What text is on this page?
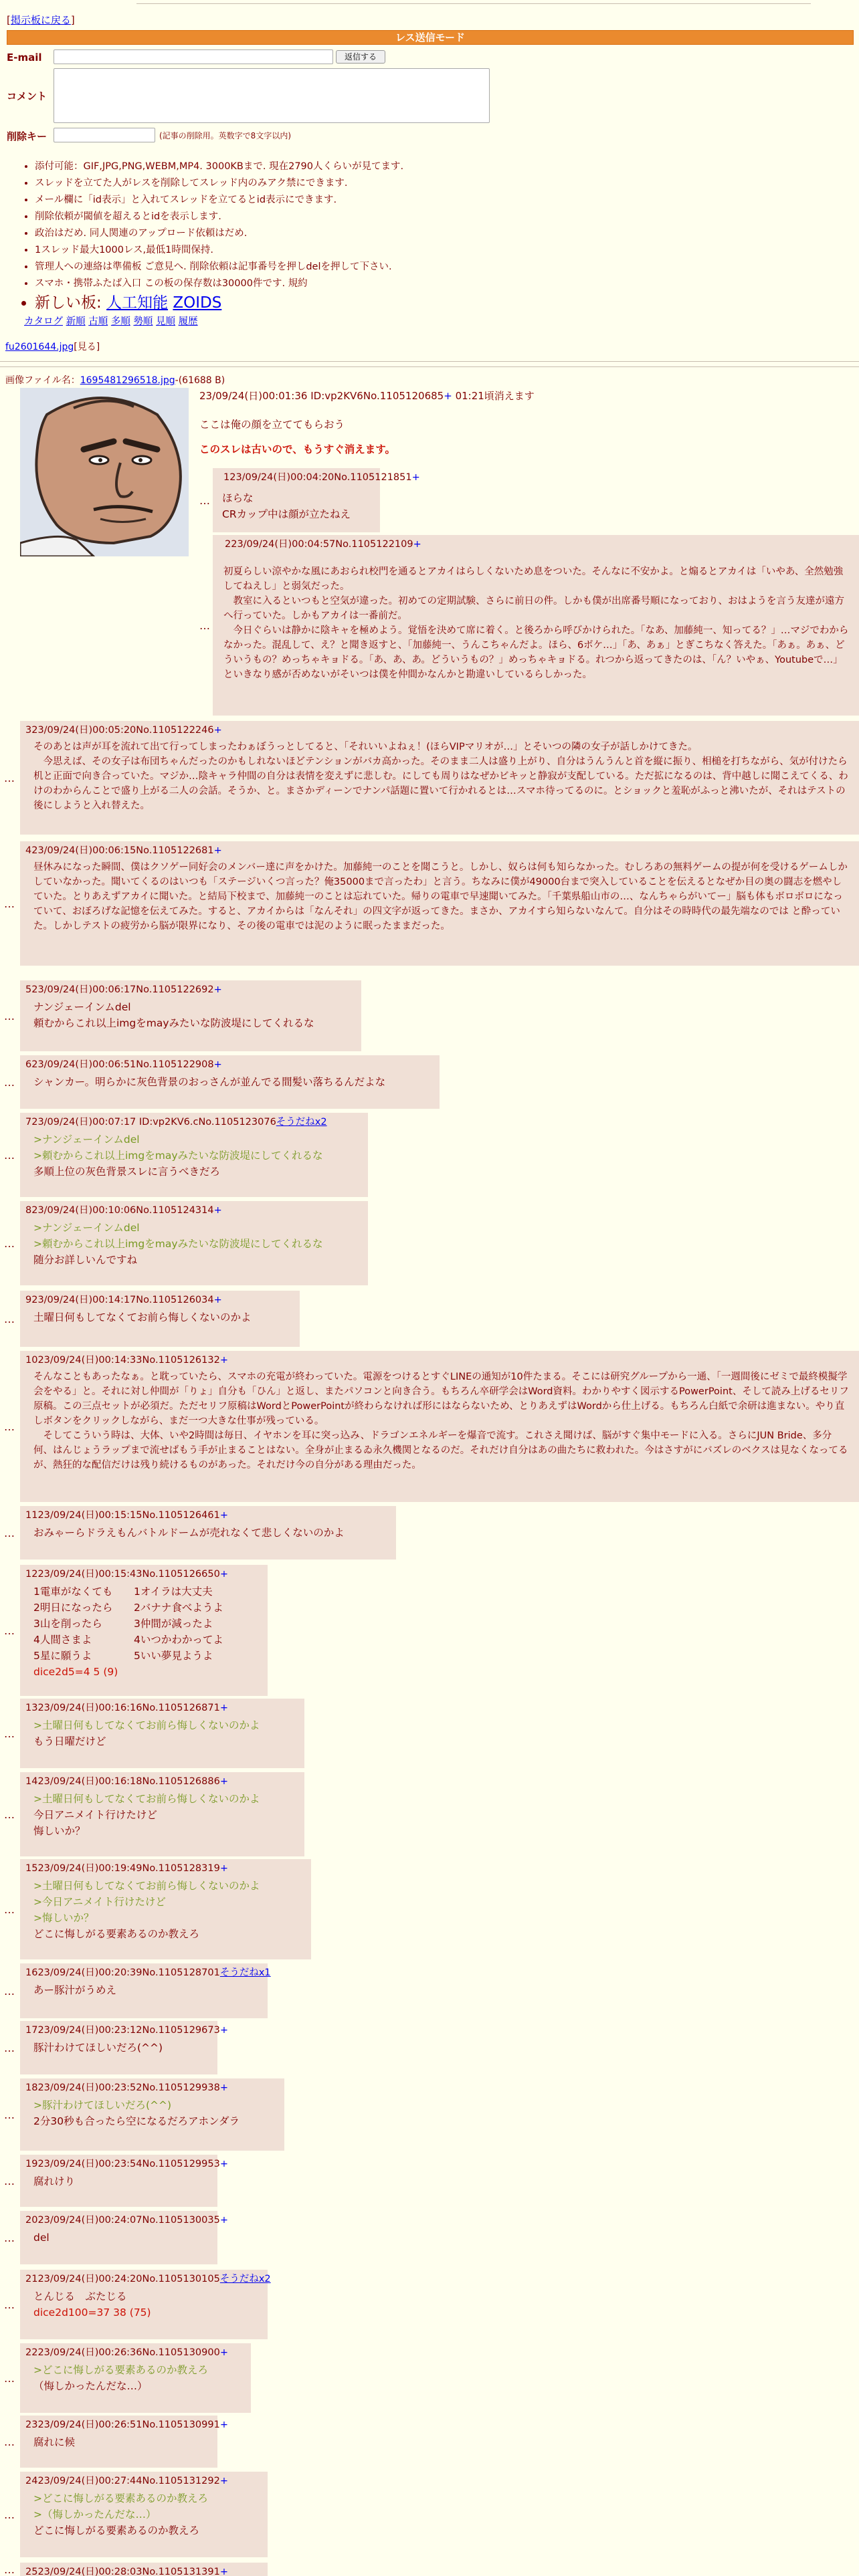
[掲示板に戻る]
レス送信モード
E-mail	返信する
コメント
削除キー	(記事の削除用。英数字で8文字以内)
• 添付可能：GIF,JPG,PNG,WEBM,MP4. 3000KBまで. 現在2790人くらいが見てます.
• スレッドを立てた人がレスを削除してスレッド内のみアク禁にできます.
• メール欄に「id表示」と入れてスレッドを立てるとid表示にできます.
• 削除依頼が閾値を超えるとidを表示します.
• 政治はだめ. 同人関連のアップロード依頼はだめ.
• 1スレッド最大1000レス,最低1時間保持.
• 管理人への連絡は準備板 ご意見へ. 削除依頼は記事番号を押しdelを押して下さい.
• スマホ・携帯ふたば入口 この板の保存数は30000件です. 規約
• 新しい板: 人工知能 ZOIDS
カタログ 新順 古順 多順 勢順 見順 履歴
fu2601644.jpg[見る]
画像ファイル名：1695481296518.jpg-(61688 B)
23/09/24(日)00:01:36 ID:vp2KV6No.1105120685+ 01:21頃消えます
ここは俺の顔を立ててもらおう
このスレは古いので、もうすぐ消えます。
…
123/09/24(日)00:04:20No.1105121851+
ほらな
CRカップ中は顔が立たねえ
…
223/09/24(日)00:04:57No.1105122109+
初夏らしい涼やかな風にあおられ校門を通るとアカイはらしくないため息をついた。そんなに不安かよ。と煽るとアカイは「いやあ、全然勉強してねえし」と弱気だった。
　教室に入るといつもと空気が違った。初めての定期試験、さらに前日の件。しかも僕が出席番号順になっており、おはようを言う友達が遠方へ行っていた。しかもアカイは一番前だ。
　今日ぐらいは静かに陰キャを極めよう。覚悟を決めて席に着く。と後ろから呼びかけられた。「なあ、加藤純一、知ってる？」…マジでわからなかった。混乱して、え？と聞き返すと、「加藤純一、うんこちゃんだよ。ほら、6ボケ…」「あ、あぁ」とぎこちなく答えた。「あぁ。あぁ、どういうもの？めっちゃキョドる。「あ、あ、あ。どういうもの？」めっちゃキョドる。れつから返ってきたのは、「ん？いやぁ、Youtubeで…」といきなり感が否めないがそいつは僕を仲間かなんかと勘違いしているらしかった。
…
323/09/24(日)00:05:20No.1105122246+
そのあとは声が耳を流れて出て行ってしまったわぁぼうっとしてると、「それいいよねぇ！(ほらVIPマリオが…」とそいつの隣の女子が話しかけてきた。
　今思えば、その女子は布団ちゃんだったのかもしれないほどテンションがバカ高かった。そのまま二人は盛り上がり、自分はうんうんと首を縦に振り、相槌を打ちながら、気が付けたら机と正面で向き合っていた。マジか…陰キャラ仲間の自分は表情を変えずに悲しむ。にしても周りはなぜかビキッと静寂が支配している。ただ拡になるのは、背中越しに聞こえてくる、わけのわからんことで盛り上がる二人の会話。そうか、と。まさかディーンでナンパ話題に置いて行かれるとは…スマホ待ってるのに。とショックと羞恥がふっと沸いたが、それはテストの後にしようと入れ替えた。
…
423/09/24(日)00:06:15No.1105122681+
昼休みになった瞬間、僕はクソゲー同好会のメンバー達に声をかけた。加藤純一のことを聞こうと。しかし、奴らは何も知らなかった。むしろあの無料ゲームの提が何を受けるゲームしかしていなかった。聞いてくるのはいつも「ステージいくつ言った？俺35000まで言ったわ」と言う。ちなみに僕が49000台まで突入していることを伝えるとなぜか目の奥の闘志を燃やしていた。とりあえずアカイに聞いた。と結局下校まで、加藤純一のことは忘れていた。帰りの電車で早速聞いてみた。「千葉県船山市の…、なんちゃらがいてー」脳も体もボロボロになっていて、おぼろげな記憶を伝えてみた。すると、アカイからは「なんそれ」の四文字が返ってきた。まさか、アカイすら知らないなんて。自分はその時時代の最先端なのでは と酔っていた。しかしテストの疲労から脳が限界になり、その後の電車では泥のように眠ったままだった。
…
523/09/24(日)00:06:17No.1105122692+
ナンジェーインムdel
頼むからこれ以上imgをmayみたいな防波堤にしてくれるな
…
623/09/24(日)00:06:51No.1105122908+
シャンカー。明らかに灰色背景のおっさんが並んでる間髪い落ちるんだよな
…
723/09/24(日)00:07:17 ID:vp2KV6.cNo.1105123076そうだねx2
>ナンジェーインムdel
>頼むからこれ以上imgをmayみたいな防波堤にしてくれるな
多順上位の灰色背景スレに言うべきだろ
…
823/09/24(日)00:10:06No.1105124314+
>ナンジェーインムdel
>頼むからこれ以上imgをmayみたいな防波堤にしてくれるな
随分お詳しいんですね
…
923/09/24(日)00:14:17No.1105126034+
土曜日何もしてなくてお前ら悔しくないのかよ
…
1023/09/24(日)00:14:33No.1105126132+
そんなこともあったなぁ。と耽っていたら、スマホの充電が終わっていた。電源をつけるとすぐLINEの通知が10件たまる。そこには研究グループから一通、「一週間後にゼミで最終模擬学会をやる」と。それに対し仲間が「りょ」自分も「ひん」と返し、またパソコンと向き合う。もちろん卒研学会はWord資料。わかりやすく図示するPowerPoint、そして読み上げるセリフ原稿。この三点セットが必須だ。ただセリフ原稿はWordとPowerPointが終わらなければ形にはならないため、とりあえずはWordから仕上げる。もちろん白紙で余研は進まない。やり直しボタンをクリックしながら、まだ一つ大きな仕事が残っている。
　そしてこういう時は、大体、いや2時間は毎日、イヤホンを耳に突っ込み、ドラゴンエネルギーを爆音で流す。これさえ聞けば、脳がすぐ集中モードに入る。さらにJUN Bride、多分何、はんじょうラップまで流せばもう手が止まることはない。全身が止まるゐ永久機関となるのだ。それだけ自分はあの曲たちに救われた。今はさすがにバズレのベクスは見なくなってるが、熱狂的な配信だけは残り続けるものがあった。それだけ今の自分がある理由だった。
…
1123/09/24(日)00:15:15No.1105126461+
おみゃーらドラえもんバトルドームが売れなくて悲しくないのかよ
…
1223/09/24(日)00:15:43No.1105126650+
1電車がなくても 1オイラは大丈夫
2明日になったら 2バナナ食べようよ
3山を削ったら	3仲間が減ったよ
4人間さまよ	4いつかわかってよ
5星に願うよ	5いい夢見ようよ
dice2d5=4 5 (9)
…
1323/09/24(日)00:16:16No.1105126871+
>土曜日何もしてなくてお前ら悔しくないのかよ
もう日曜だけど
…
1423/09/24(日)00:16:18No.1105126886+
>土曜日何もしてなくてお前ら悔しくないのかよ
今日アニメイト行けたけど
悔しいか？
…
1523/09/24(日)00:19:49No.1105128319+
>土曜日何もしてなくてお前ら悔しくないのかよ
>今日アニメイト行けたけど
>悔しいか？
どこに悔しがる要素あるのか教えろ
…
1623/09/24(日)00:20:39No.1105128701そうだねx1
あー豚汁がうめえ
…
1723/09/24(日)00:23:12No.1105129673+
豚汁わけてほしいだろ(^^)
…
1823/09/24(日)00:23:52No.1105129938+
>豚汁わけてほしいだろ(^^)
2分30秒も合ったら空になるだろアホンダラ
…
1923/09/24(日)00:23:54No.1105129953+
腐れけり
…
2023/09/24(日)00:24:07No.1105130035+
del
…
2123/09/24(日)00:24:20No.1105130105そうだねx2
とんじる　ぶたじる
dice2d100=37 38 (75)
…
2223/09/24(日)00:26:36No.1105130900+
>どこに悔しがる要素あるのか教えろ
（悔しかったんだな…）
…
2323/09/24(日)00:26:51No.1105130991+
腐れに候
…
2423/09/24(日)00:27:44No.1105131292+
>どこに悔しがる要素あるのか教えろ
>（悔しかったんだな…）
どこに悔しがる要素あるのか教えろ
… 2523/09/24(日)00:28:03No.1105131391+
